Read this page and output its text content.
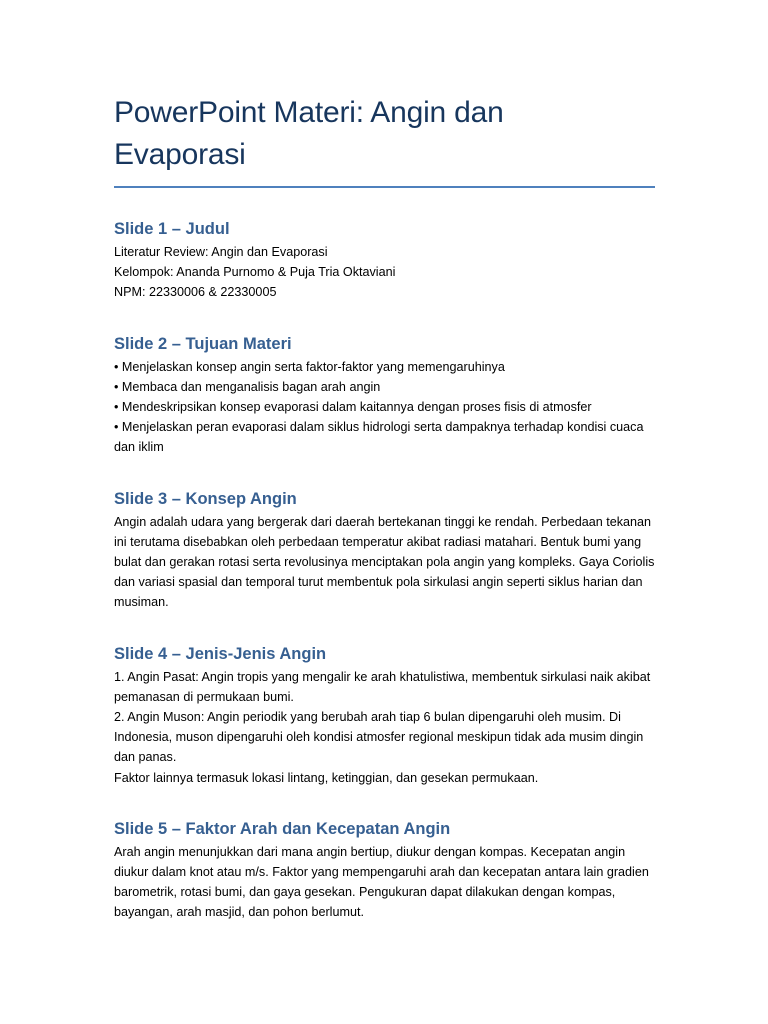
PowerPoint Materi: Angin dan
Evaporasi
Slide 1 – Judul
Literatur Review: Angin dan Evaporasi
Kelompok: Ananda Purnomo & Puja Tria Oktaviani
NPM: 22330006 & 22330005
Slide 2 – Tujuan Materi
• Menjelaskan konsep angin serta faktor-faktor yang memengaruhinya
• Membaca dan menganalisis bagan arah angin
• Mendeskripsikan konsep evaporasi dalam kaitannya dengan proses fisis di atmosfer
• Menjelaskan peran evaporasi dalam siklus hidrologi serta dampaknya terhadap kondisi cuaca
dan iklim
Slide 3 – Konsep Angin
Angin adalah udara yang bergerak dari daerah bertekanan tinggi ke rendah. Perbedaan tekanan
ini terutama disebabkan oleh perbedaan temperatur akibat radiasi matahari. Bentuk bumi yang
bulat dan gerakan rotasi serta revolusinya menciptakan pola angin yang kompleks. Gaya Coriolis
dan variasi spasial dan temporal turut membentuk pola sirkulasi angin seperti siklus harian dan
musiman.
Slide 4 – Jenis-Jenis Angin
1. Angin Pasat: Angin tropis yang mengalir ke arah khatulistiwa, membentuk sirkulasi naik akibat
pemanasan di permukaan bumi.
2. Angin Muson: Angin periodik yang berubah arah tiap 6 bulan dipengaruhi oleh musim. Di
Indonesia, muson dipengaruhi oleh kondisi atmosfer regional meskipun tidak ada musim dingin
dan panas.
Faktor lainnya termasuk lokasi lintang, ketinggian, dan gesekan permukaan.
Slide 5 – Faktor Arah dan Kecepatan Angin
Arah angin menunjukkan dari mana angin bertiup, diukur dengan kompas. Kecepatan angin
diukur dalam knot atau m/s. Faktor yang mempengaruhi arah dan kecepatan antara lain gradien
barometrik, rotasi bumi, dan gaya gesekan. Pengukuran dapat dilakukan dengan kompas,
bayangan, arah masjid, dan pohon berlumut.
